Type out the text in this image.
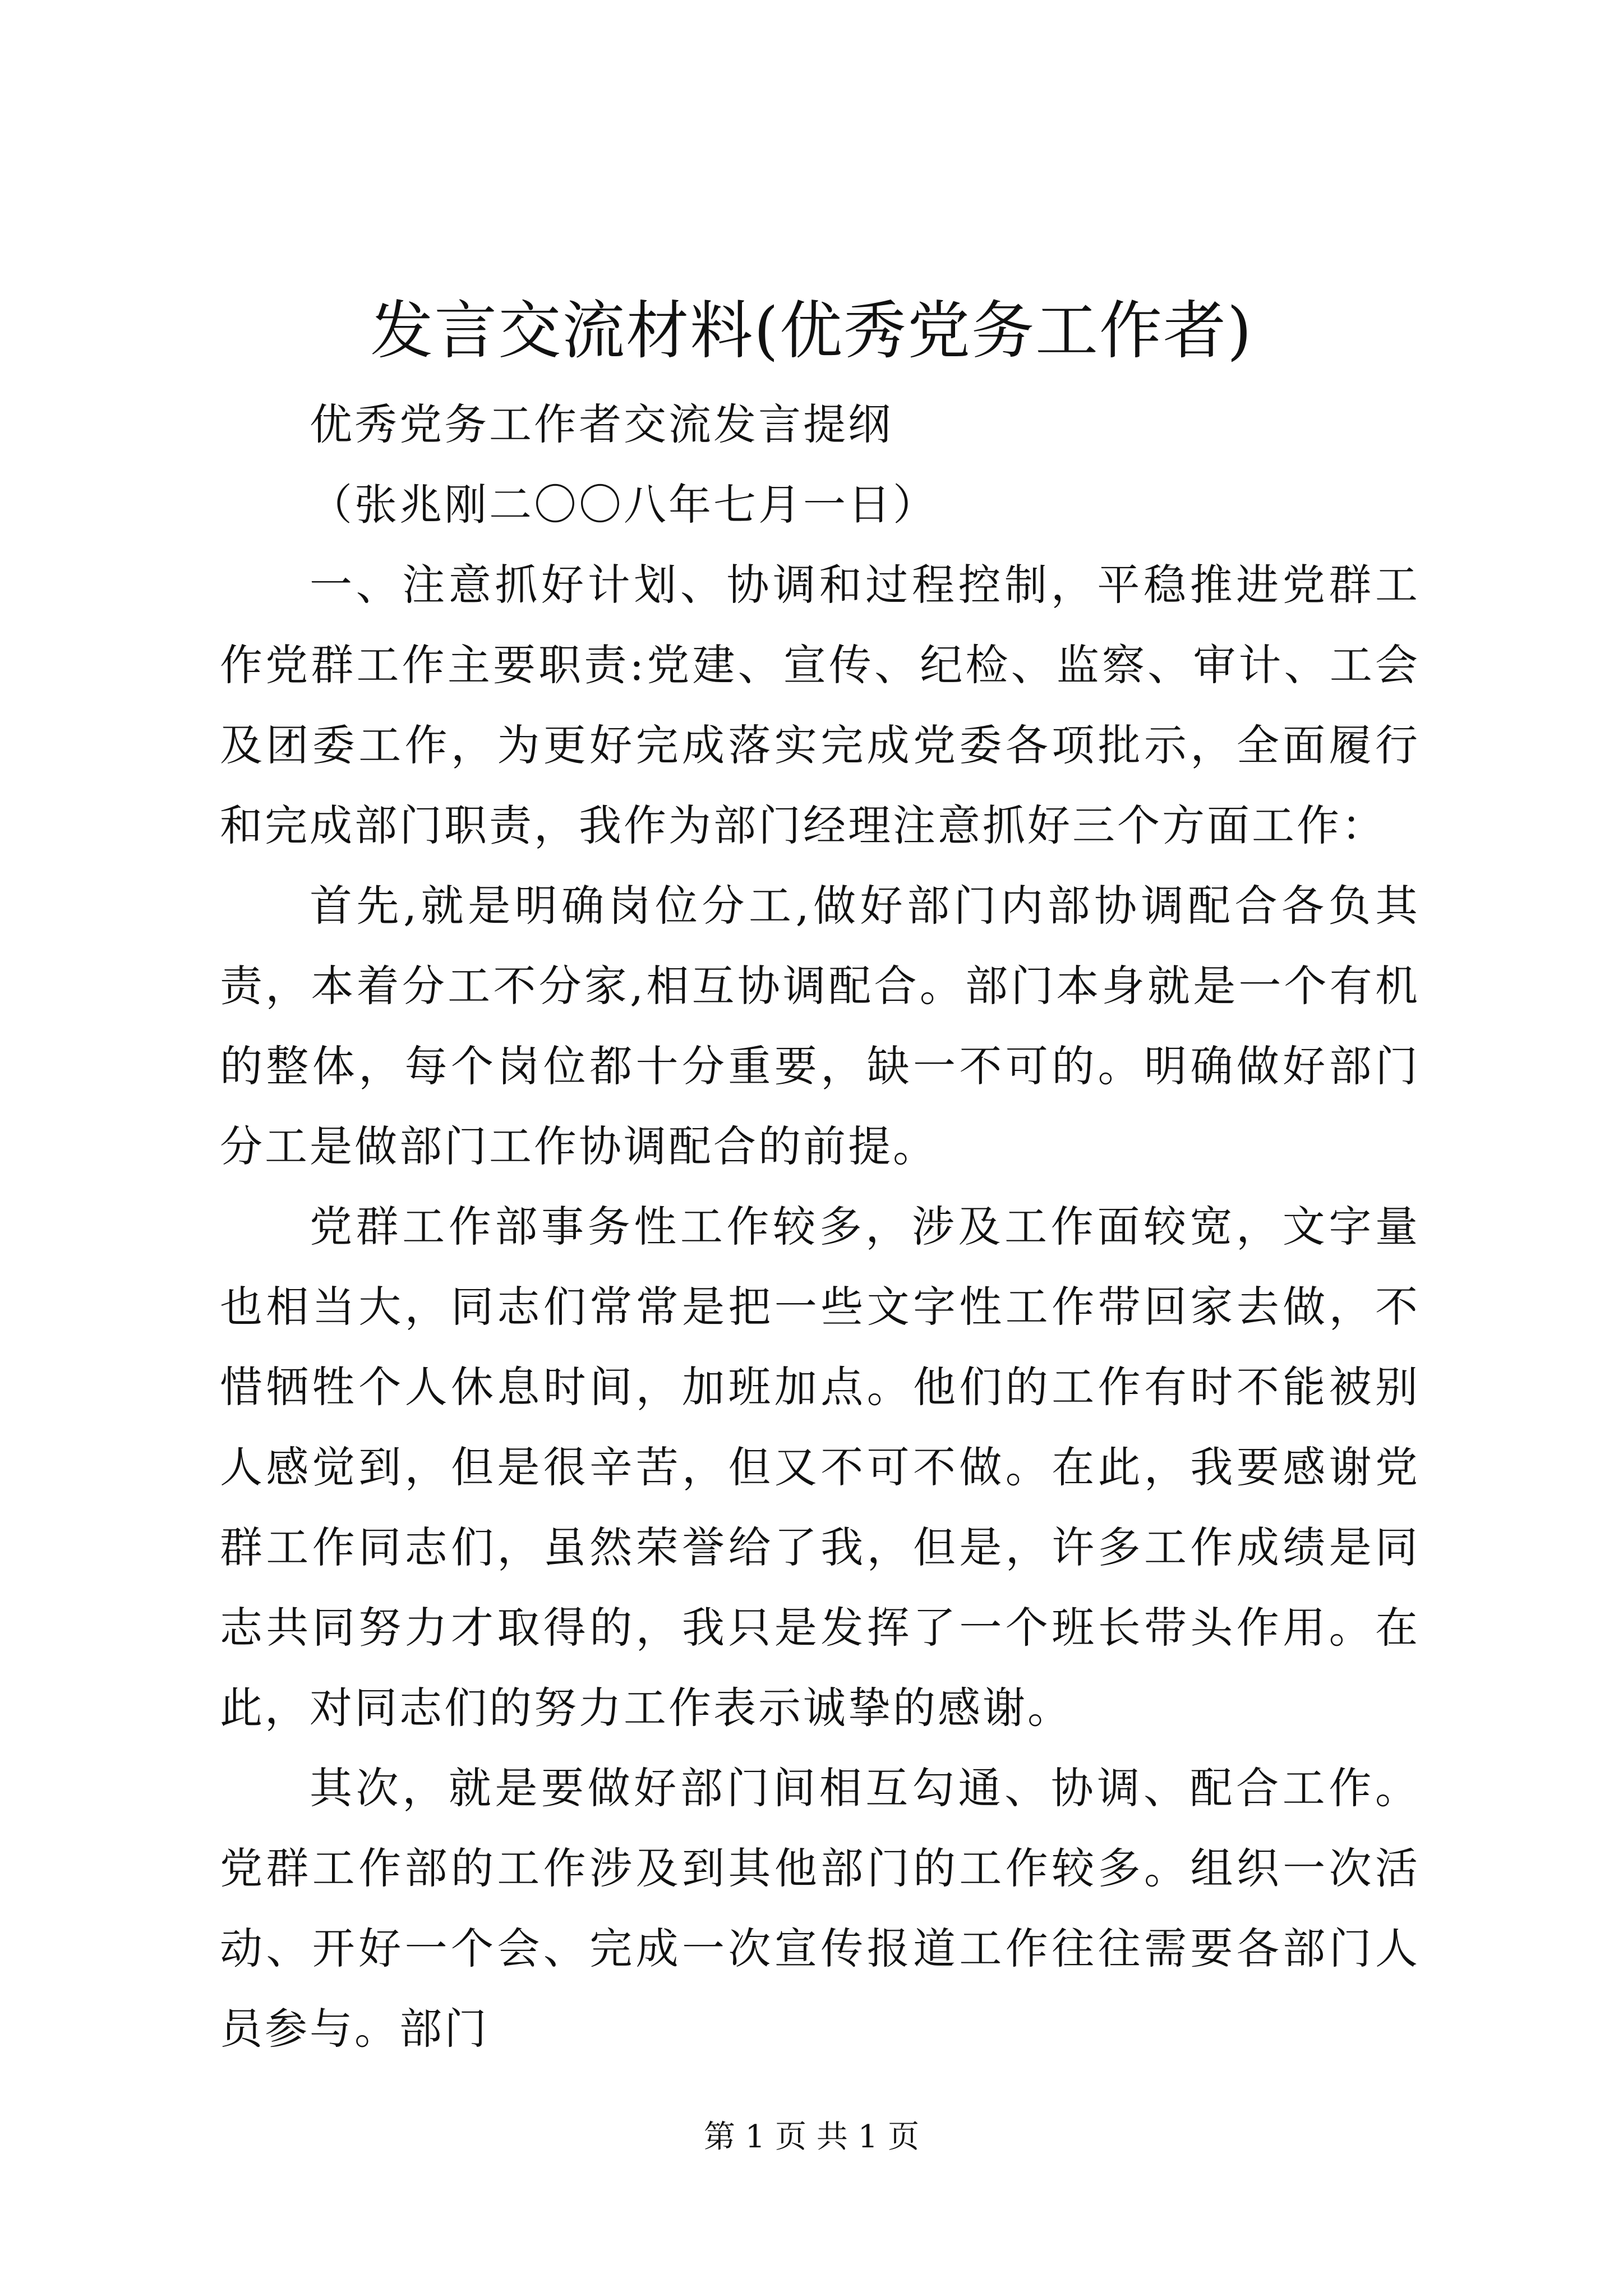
发言交流材料(优秀党务工作者)

优秀党务工作者交流发言提纲

（张兆刚二〇〇八年七月一日）

一、注意抓好计划、协调和过程控制，平稳推进党群工作党群工作主要职责:党建、宣传、纪检、监察、审计、工会及团委工作，为更好完成落实完成党委各项批示，全面履行和完成部门职责，我作为部门经理注意抓好三个方面工作：

首先,就是明确岗位分工,做好部门内部协调配合各负其责，本着分工不分家,相互协调配合。部门本身就是一个有机的整体，每个岗位都十分重要，缺一不可的。明确做好部门分工是做部门工作协调配合的前提。

党群工作部事务性工作较多，涉及工作面较宽，文字量也相当大，同志们常常是把一些文字性工作带回家去做，不惜牺牲个人休息时间，加班加点。他们的工作有时不能被别人感觉到，但是很辛苦，但又不可不做。在此，我要感谢党群工作同志们，虽然荣誉给了我，但是，许多工作成绩是同志共同努力才取得的，我只是发挥了一个班长带头作用。在此，对同志们的努力工作表示诚挚的感谢。

其次，就是要做好部门间相互勾通、协调、配合工作。党群工作部的工作涉及到其他部门的工作较多。组织一次活动、开好一个会、完成一次宣传报道工作往往需要各部门人员参与。部门

第 1 页 共 1 页
